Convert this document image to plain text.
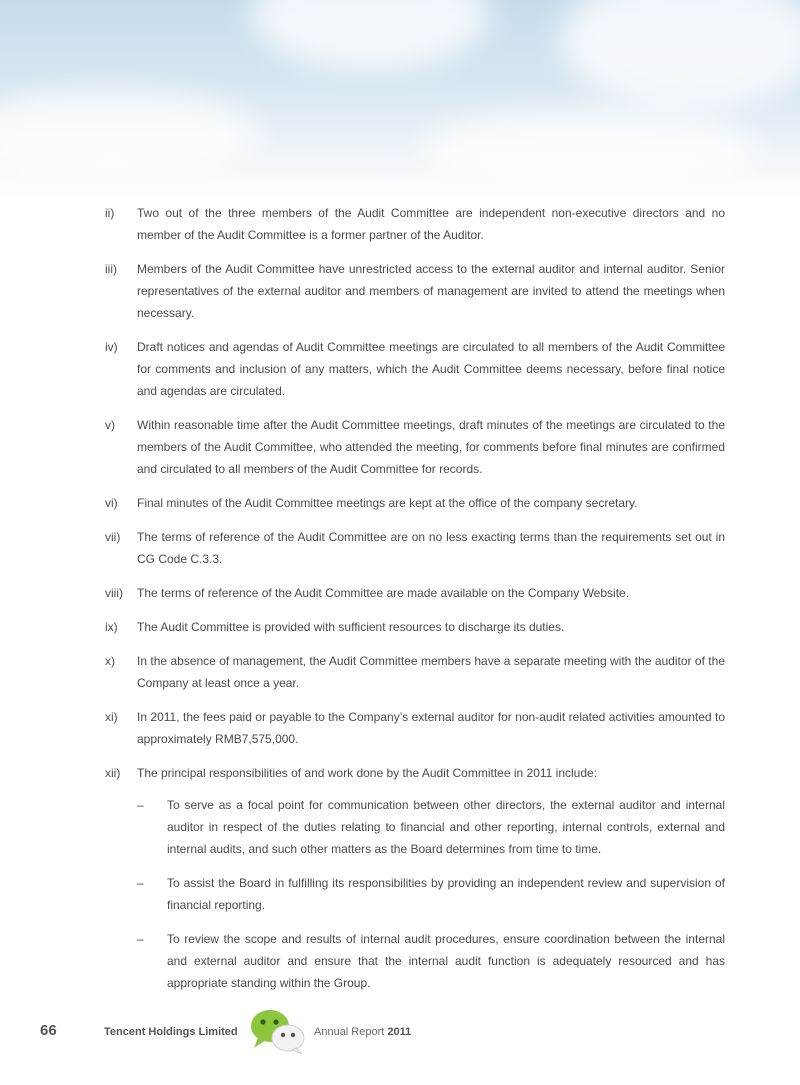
ii)	Two out of the three members of the Audit Committee are independent non-executive directors and no member of the Audit Committee is a former partner of the Auditor.
iii)	Members of the Audit Committee have unrestricted access to the external auditor and internal auditor. Senior representatives of the external auditor and members of management are invited to attend the meetings when necessary.
iv)	Draft notices and agendas of Audit Committee meetings are circulated to all members of the Audit Committee for comments and inclusion of any matters, which the Audit Committee deems necessary, before final notice and agendas are circulated.
v)	Within reasonable time after the Audit Committee meetings, draft minutes of the meetings are circulated to the members of the Audit Committee, who attended the meeting, for comments before final minutes are confirmed and circulated to all members of the Audit Committee for records.
vi)	Final minutes of the Audit Committee meetings are kept at the office of the company secretary.
vii)	The terms of reference of the Audit Committee are on no less exacting terms than the requirements set out in CG Code C.3.3.
viii)	The terms of reference of the Audit Committee are made available on the Company Website.
ix)	The Audit Committee is provided with sufficient resources to discharge its duties.
x)	In the absence of management, the Audit Committee members have a separate meeting with the auditor of the Company at least once a year.
xi)	In 2011, the fees paid or payable to the Company’s external auditor for non-audit related activities amounted to approximately RMB7,575,000.
xii)	The principal responsibilities of and work done by the Audit Committee in 2011 include:
–	To serve as a focal point for communication between other directors, the external auditor and internal auditor in respect of the duties relating to financial and other reporting, internal controls, external and internal audits, and such other matters as the Board determines from time to time.
–	To assist the Board in fulfilling its responsibilities by providing an independent review and supervision of financial reporting.
–	To review the scope and results of internal audit procedures, ensure coordination between the internal and external auditor and ensure that the internal audit function is adequately resourced and has appropriate standing within the Group.
66	Tencent Holdings Limited	Annual Report 2011
